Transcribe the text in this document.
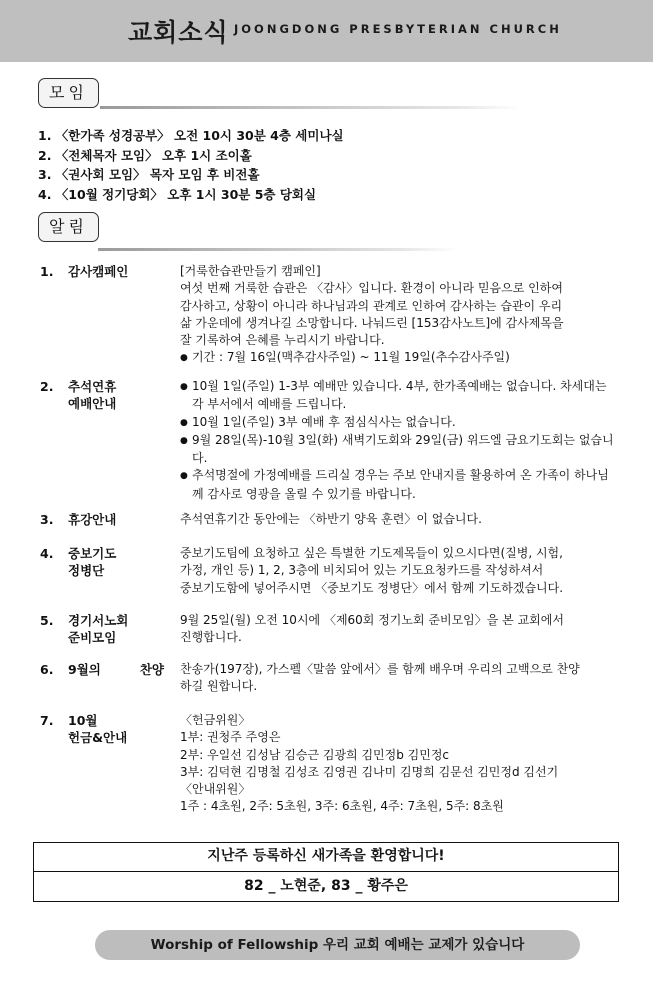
교회소식 JOONGDONG PRESBYTERIAN CHURCH
모임
1. 〈한가족 성경공부〉 오전 10시 30분 4층 세미나실
2. 〈전체목자 모임〉 오후 1시 조이홀
3. 〈권사회 모임〉 목자 모임 후 비전홀
4. 〈10월 정기당회〉 오후 1시 30분 5층 당회실
알림
1.	감사캠페인	[거룩한습관만들기 캠페인]
여섯 번째 거룩한 습관은 〈감사〉입니다. 환경이 아니라 믿음으로 인하여
감사하고, 상황이 아니라 하나님과의 관계로 인하여 감사하는 습관이 우리
삶 가운데에 생겨나길 소망합니다. 나눠드린 [153감사노트]에 감사제목을
잘 기록하여 은혜를 누리시기 바랍니다.
● 기간 : 7월 16일(맥추감사주일) ~ 11월 19일(추수감사주일)
2.	추석연휴
예배안내
● 10월 1일(주일) 1-3부 예배만 있습니다. 4부, 한가족예배는 없습니다. 차세대는 각 부서에서 예배를 드립니다.
● 10월 1일(주일) 3부 예배 후 점심식사는 없습니다.
● 9월 28일(목)-10월 3일(화) 새벽기도회와 29일(금) 위드엘 금요기도회는 없습니다.
● 추석명절에 가정예배를 드리실 경우는 주보 안내지를 활용하여 온 가족이 하나님께 감사로 영광을 올릴 수 있기를 바랍니다.
3.	휴강안내	추석연휴기간 동안에는 〈하반기 양육 훈련〉이 없습니다.
4.	중보기도
정병단
중보기도팀에 요청하고 싶은 특별한 기도제목들이 있으시다면(질병, 시험,
가정, 개인 등) 1, 2, 3층에 비치되어 있는 기도요청카드를 작성하셔서
중보기도함에 넣어주시면 〈중보기도 정병단〉에서 함께 기도하겠습니다.
5.	경기서노회
준비모임
9월 25일(월) 오전 10시에 〈제60회 정기노회 준비모임〉을 본 교회에서
진행합니다.
6.	9월의 찬양	찬송가(197장), 가스펠〈말씀 앞에서〉를 함께 배우며 우리의 고백으로 찬양
하길 원합니다.
7.	10월
헌금&안내
〈헌금위원〉
1부: 권청주 주영은
2부: 우일선 김성남 김승근 김광희 김민정b 김민정c
3부: 김덕현 김명철 김성조 김영권 김나미 김명희 김문선 김민정d 김선기
〈안내위원〉
1주 : 4초원, 2주: 5초원, 3주: 6초원, 4주: 7초원, 5주: 8초원
지난주 등록하신 새가족을 환영합니다!
82 _ 노현준, 83 _ 황주은
Worship of Fellowship 우리 교회 예배는 교제가 있습니다
